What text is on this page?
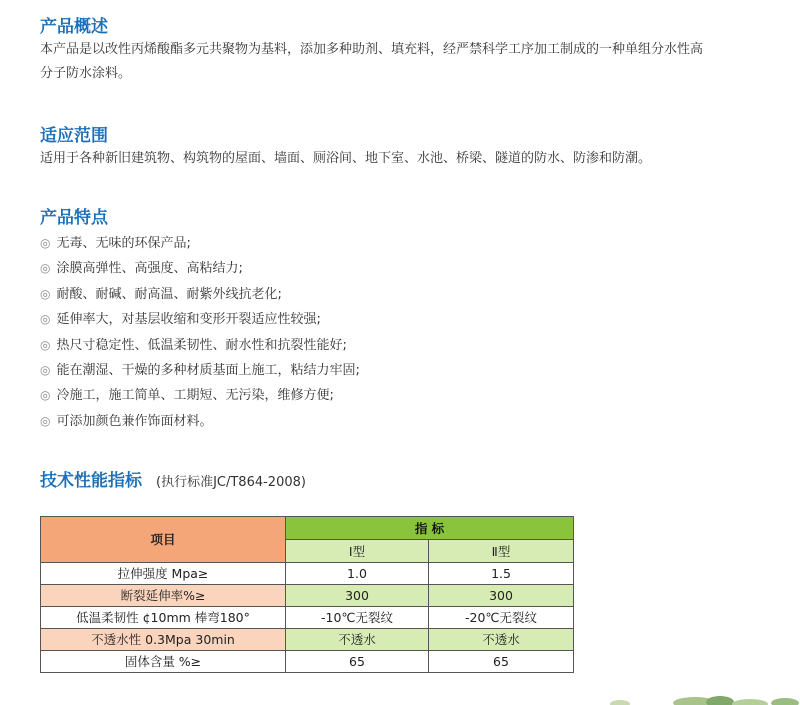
产品概述
本产品是以改性丙烯酸酯多元共聚物为基料，添加多种助剂、填充料，经严禁科学工序加工制成的一种单组分水性高
分子防水涂料。
适应范围
适用于各种新旧建筑物、构筑物的屋面、墙面、厕浴间、地下室、水池、桥梁、隧道的防水、防渗和防潮。
产品特点
◎ 无毒、无味的环保产品;
◎ 涂膜高弹性、高强度、高粘结力;
◎ 耐酸、耐碱、耐高温、耐紫外线抗老化;
◎ 延伸率大，对基层收缩和变形开裂适应性较强;
◎ 热尺寸稳定性、低温柔韧性、耐水性和抗裂性能好;
◎ 能在潮湿、干燥的多种材质基面上施工，粘结力牢固;
◎ 冷施工，施工简单、工期短、无污染，维修方便;
◎ 可添加颜色兼作饰面材料。
技术性能指标 (执行标准JC/T864-2008)
项目	指 标	
	Ⅰ型	Ⅱ型
拉伸强度 Mpa≥	1.0	1.5
断裂延伸率%≥	300	300
低温柔韧性 ¢10mm 棒弯180°	-10℃无裂纹	-20℃无裂纹
不透水性 0.3Mpa 30min	不透水	不透水
固体含量 %≥	65	65
